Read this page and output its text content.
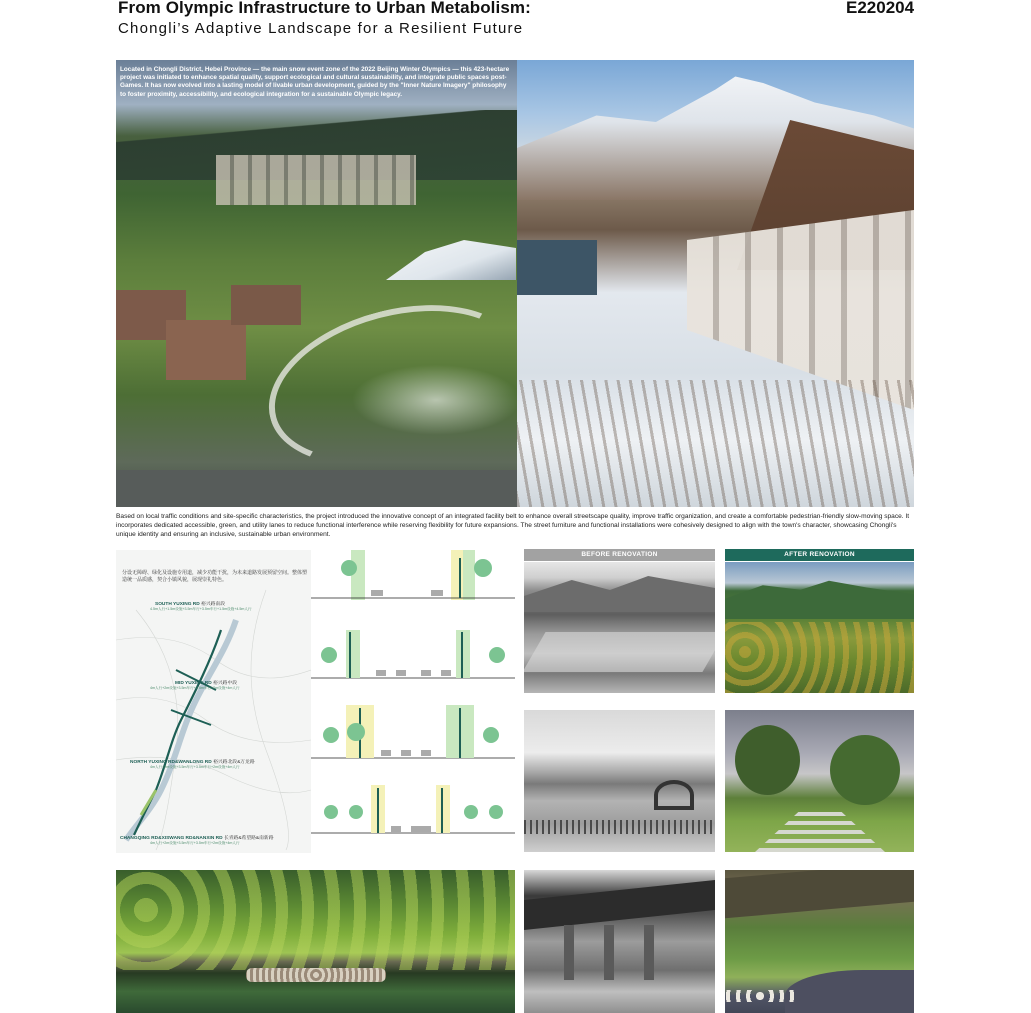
From Olympic Infrastructure to Urban Metabolism:
Chongli’s Adaptive Landscape for a Resilient Future
E220204
Located in Chongli District, Hebei Province — the main snow event zone of the 2022 Beijing Winter Olympics — this 423-hectare project was initiated to enhance spatial quality, support ecological and cultural sustainability, and integrate public spaces post-Games. It has now evolved into a lasting model of livable urban development, guided by the "Inner Nature Imagery" philosophy to foster proximity, accessibility, and ecological integration for a sustainable Olympic legacy.
Based on local traffic conditions and site-specific characteristics, the project introduced the innovative concept of an integrated facility belt to enhance overall streetscape quality, improve traffic organization, and create a comfortable pedestrian-friendly slow-moving space. It incorporates dedicated accessible, green, and utility lanes to reduce functional interference while reserving flexibility for future expansions. The street furniture and functional installations were cohesively designed to align with the town's character, showcasing Chongli's unique identity and ensuring an inclusive, sustainable urban environment.
分设无障碍、绿化及设施专用道，减少功能干扰，为未来道路发展预留空间。整体塑造统一品质感，契合小镇风貌，展现崇礼特色。
SOUTH YUXING RD 裕兴路南段
4.5m人行+1.5m设施+3.5m车行+3.5m车行+1.5m设施+4.5m人行
MID YUXING RD 裕兴路中段
4m人行+2m设施+3.5m车行+3.5m车行+2m设施+4m人行
NORTH YUXING RD&WANLONG RD 裕兴路北段&万龙路
4m人行+2m设施+3.5m车行+3.5m车行+2m设施+4m人行
CHANGQING RD&XISWANG RD&NANXIN RD 长青路&希望路&南新路
4m人行+2m设施+3.5m车行+3.5m车行+2m设施+4m人行
BEFORE RENOVATION	AFTER RENOVATION
